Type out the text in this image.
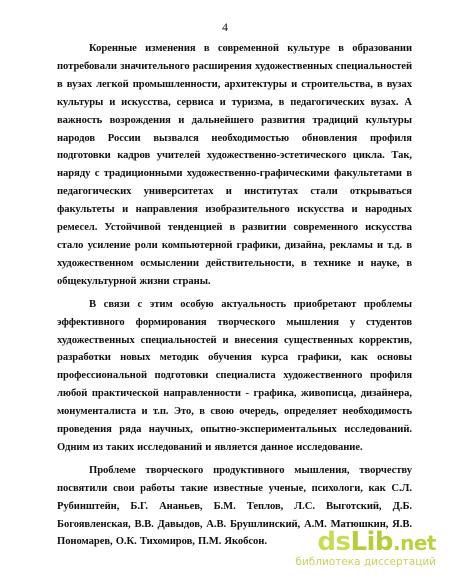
4

Коренные изменения в современной культуре в образовании потребовали значительного расширения художественных специальностей в вузах легкой промышленности, архитектуры и строительства, в вузах культуры и искусства, сервиса и туризма, в педагогических вузах. А важность возрождения и дальнейшего развития традиций культуры народов России вызвался необходимостью обновления профиля подготовки кадров учителей художественно-эстетического цикла. Так, наряду с традиционными художественно-графическими факультетами в педагогических университетах и институтах стали открываться факультеты и направления изобразительного искусства и народных ремесел. Устойчивой тенденцией в развитии современного искусства стало усиление роли компьютерной графики, дизайна, рекламы и т.д. в художественном осмыслении действительности, в технике и науке, в общекультурной жизни страны.

В связи с этим особую актуальность приобретают проблемы эффективного формирования творческого мышления у студентов художественных специальностей и внесения существенных корректив, разработки новых методик обучения курса графики, как основы профессиональной подготовки специалиста художественного профиля любой практической направленности - графика, живописца, дизайнера, монументалиста и т.п. Это, в свою очередь, определяет необходимость проведения ряда научных, опытно-экспериментальных исследований. Одним из таких исследований и является данное исследование.

Проблеме творческого продуктивного мышления, творчеству посвятили свои работы такие известные ученые, психологи, как С.Л. Рубинштейн, Б.Г. Ананьев, Б.М. Теплов, Л.С. Выготский, Д.Б. Богоявленская, В.В. Давыдов, А.В. Брушлинский, А.М. Матюшкин, Я.В. Пономарев, О.К. Тихомиров, П.М. Якобсон.	dsLib.net
библиотека диссертаций
